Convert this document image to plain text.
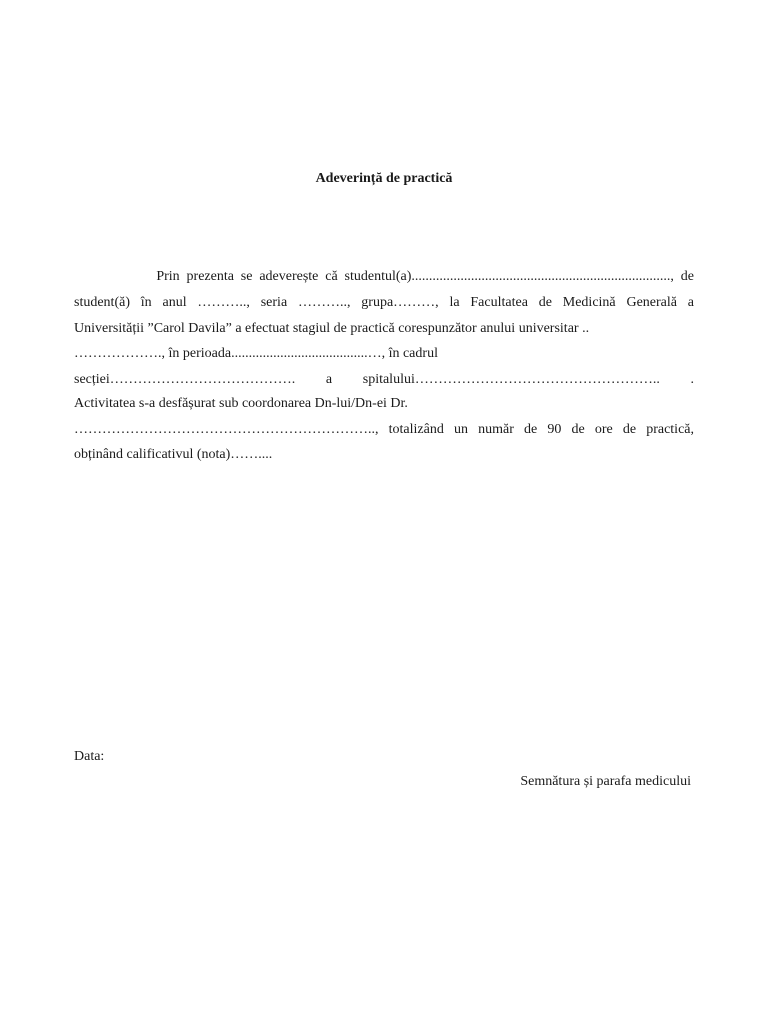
Adeverință de practică
Prin prezenta se adeverește că studentul(a).........................................................................., de
student(ă) în anul ……….., seria ……….., grupa………, la Facultatea de Medicină Generală a
Universității ”Carol Davila” a efectuat stagiul de practică corespunzător anului universitar ..
………………., în perioada.......................................…, în cadrul
secției…………………………………. a spitalului…………………………………………….. .
Activitatea s-a desfășurat sub coordonarea Dn-lui/Dn-ei Dr.
……………………………………………………….., totalizând un număr de 90 de ore de practică,
obținând calificativul (nota)……....
Data:
Semnătura și parafa medicului
